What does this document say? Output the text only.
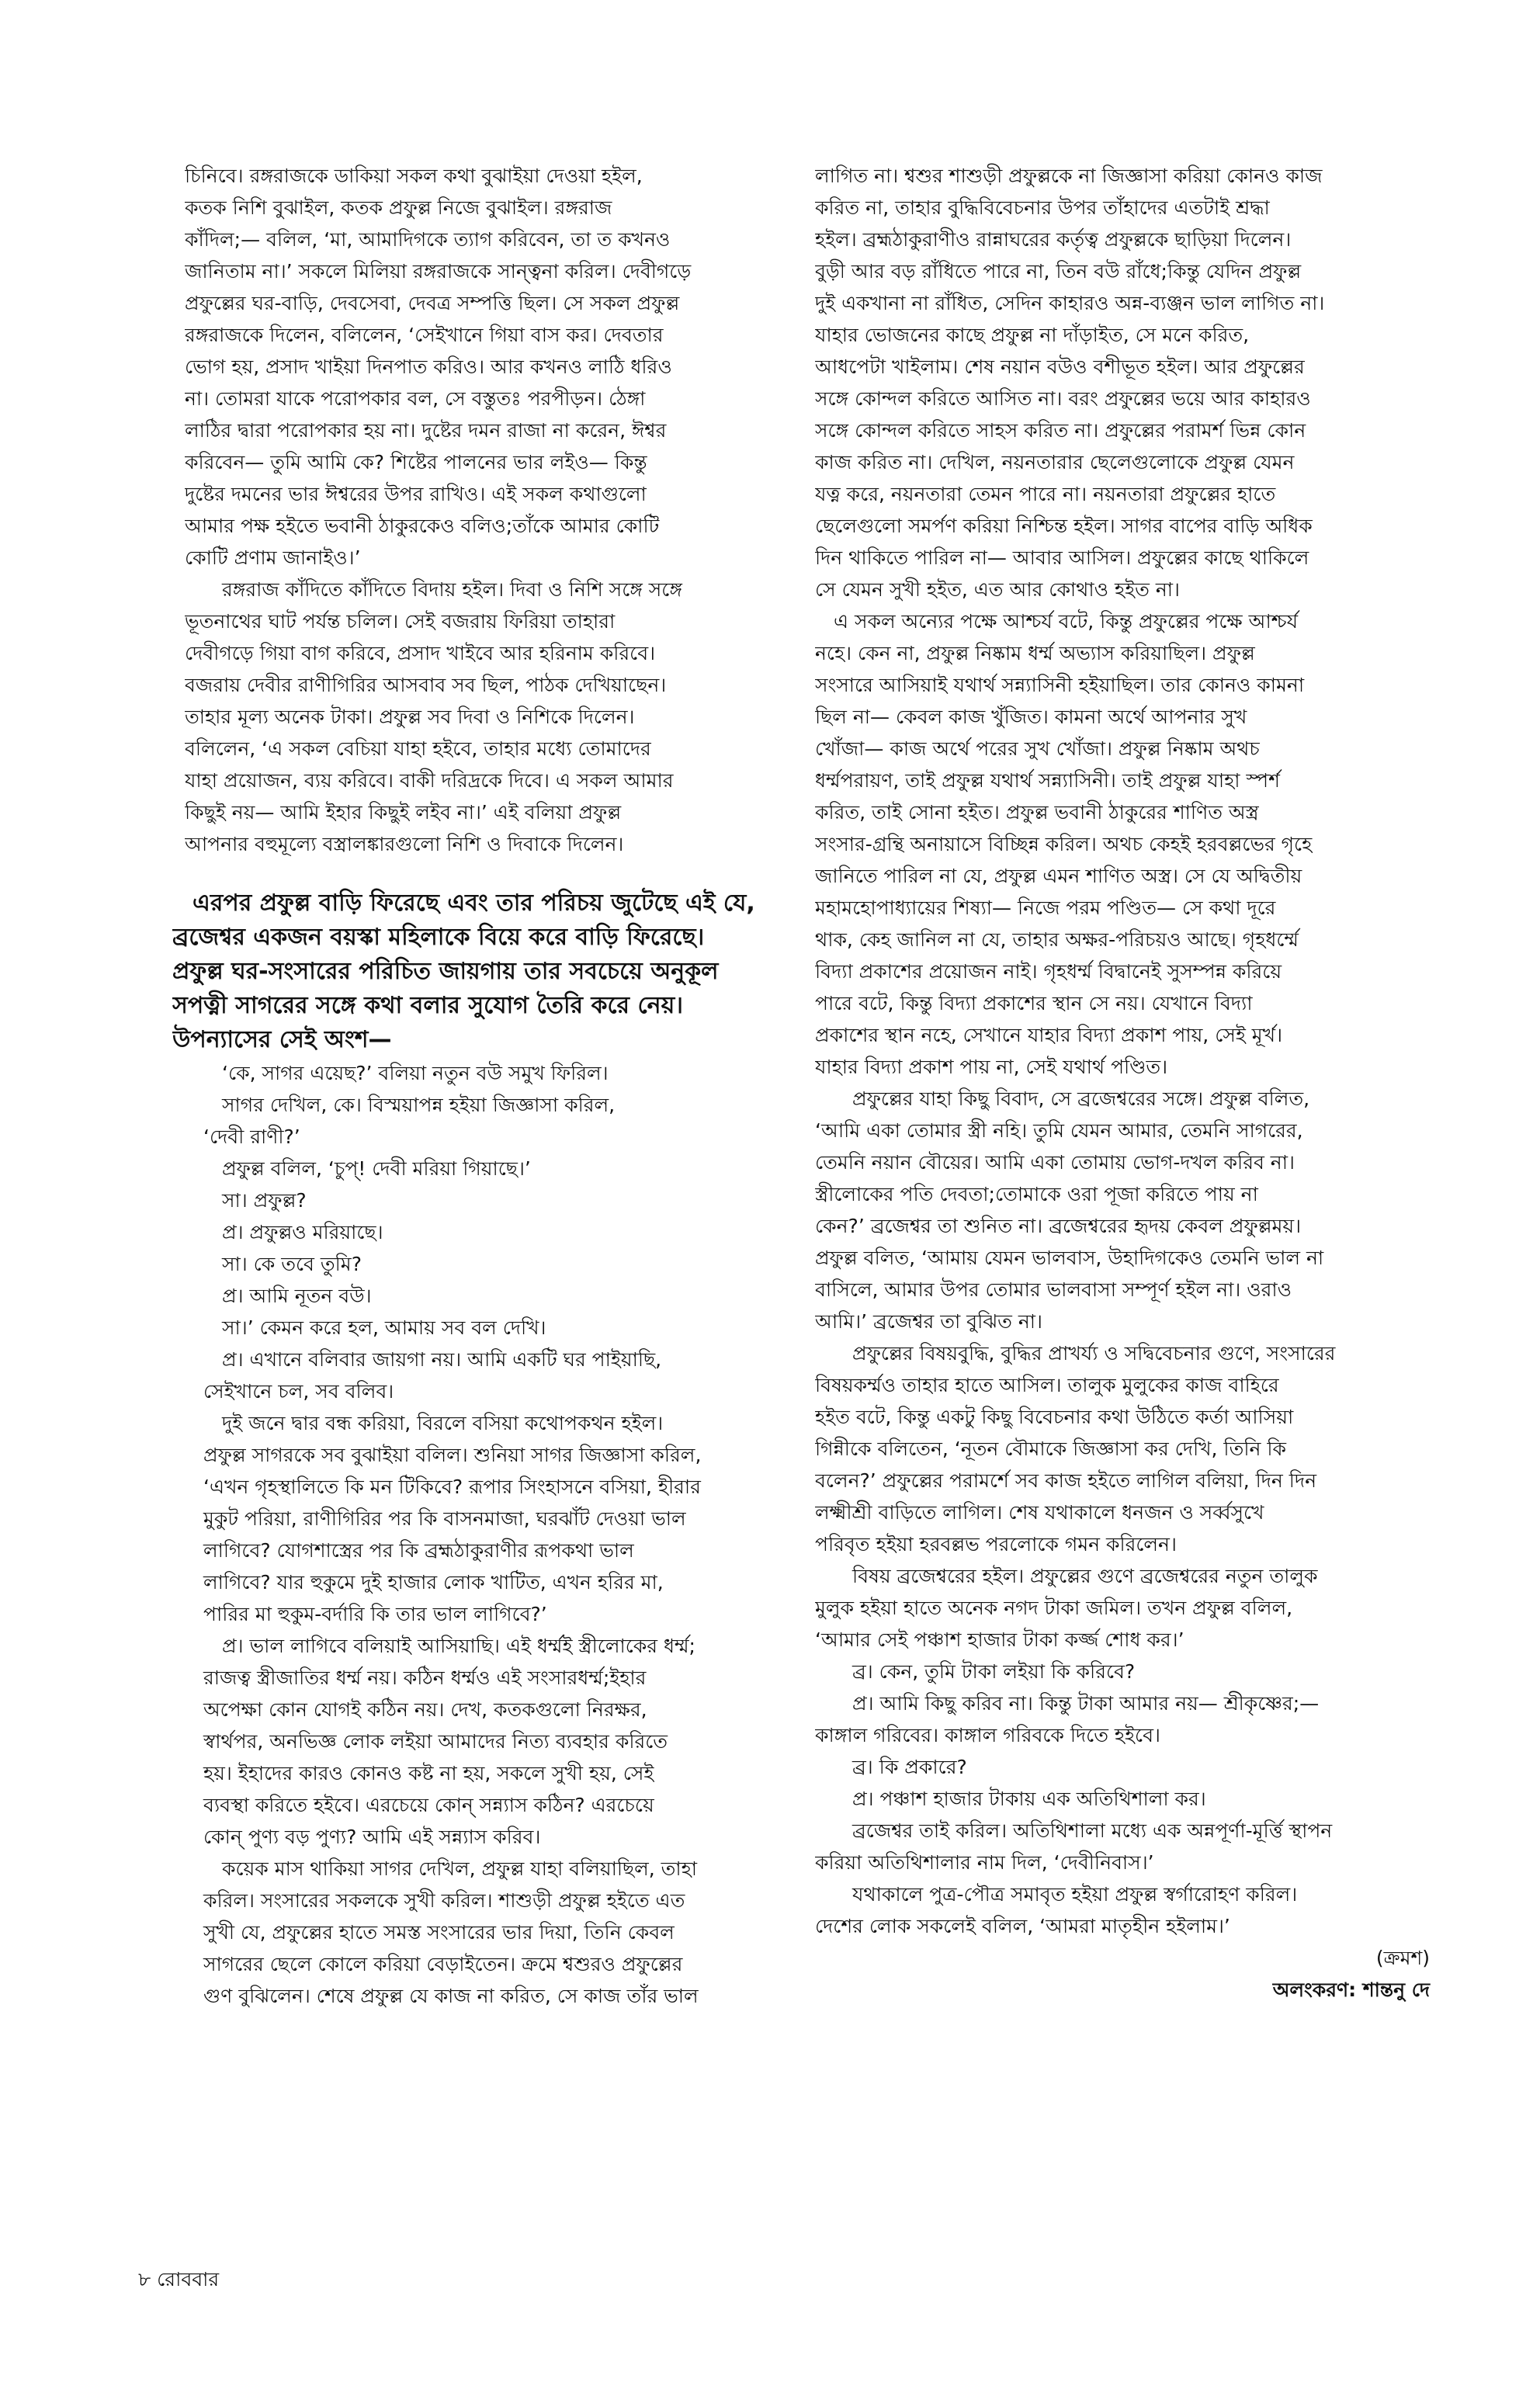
চিনিবে। রঙ্গরাজকে ডাকিয়া সকল কথা বুঝাইয়া দেওয়া হইল,
কতক নিশি বুঝাইল, কতক প্রফুল্ল নিজে বুঝাইল। রঙ্গরাজ
কাঁদিল;— বলিল, ‘মা, আমাদিগকে ত্যাগ করিবেন, তা ত কখনও
জানিতাম না।’ সকলে মিলিয়া রঙ্গরাজকে সান্ত্বনা করিল। দেবীগড়ে
প্রফুল্লের ঘর-বাড়ি, দেবসেবা, দেবত্র সম্পত্তি ছিল। সে সকল প্রফুল্ল
রঙ্গরাজকে দিলেন, বলিলেন, ‘সেইখানে গিয়া বাস কর। দেবতার
ভোগ হয়, প্রসাদ খাইয়া দিনপাত করিও। আর কখনও লাঠি ধরিও
না। তোমরা যাকে পরোপকার বল, সে বস্তুতঃ পরপীড়ন। ঠেঙ্গা
লাঠির দ্বারা পরোপকার হয় না। দুষ্টের দমন রাজা না করেন, ঈশ্বর
করিবেন— তুমি আমি কে? শিষ্টের পালনের ভার লইও— কিন্তু
দুষ্টের দমনের ভার ঈশ্বরের উপর রাখিও। এই সকল কথাগুলো
আমার পক্ষ হইতে ভবানী ঠাকুরকেও বলিও;তাঁকে আমার কোটি
কোটি প্রণাম জানাইও।’
রঙ্গরাজ কাঁদিতে কাঁদিতে বিদায় হইল। দিবা ও নিশি সঙ্গে সঙ্গে
ভূতনাথের ঘাট পর্যন্ত চলিল। সেই বজরায় ফিরিয়া তাহারা
দেবীগড়ে গিয়া বাগ করিবে, প্রসাদ খাইবে আর হরিনাম করিবে।
বজরায় দেবীর রাণীগিরির আসবাব সব ছিল, পাঠক দেখিয়াছেন।
তাহার মূল্য অনেক টাকা। প্রফুল্ল সব দিবা ও নিশিকে দিলেন।
বলিলেন, ‘এ সকল বেচিয়া যাহা হইবে, তাহার মধ্যে তোমাদের
যাহা প্রয়োজন, ব্যয় করিবে। বাকী দরিদ্রকে দিবে। এ সকল আমার
কিছুই নয়— আমি ইহার কিছুই লইব না।’ এই বলিয়া প্রফুল্ল
আপনার বহুমূল্যে বস্ত্রালঙ্কারগুলো নিশি ও দিবাকে দিলেন।
এরপর প্রফুল্ল বাড়ি ফিরেছে এবং তার পরিচয় জুটেছে এই যে,
ব্রজেশ্বর একজন বয়স্কা মহিলাকে বিয়ে করে বাড়ি ফিরেছে।
প্রফুল্ল ঘর-সংসারের পরিচিত জায়গায় তার সবচেয়ে অনুকূল
সপত্নী সাগরের সঙ্গে কথা বলার সুযোগ তৈরি করে নেয়।
উপন্যাসের সেই অংশ—
‘কে, সাগর এয়েছ?’ বলিয়া নতুন বউ সমুখ ফিরিল।
সাগর দেখিল, কে। বিস্ময়াপন্ন হইয়া জিজ্ঞাসা করিল,
‘দেবী রাণী?’
প্রফুল্ল বলিল, ‘চুপ্! দেবী মরিয়া গিয়াছে।’
সা। প্রফুল্ল?
প্র। প্রফুল্লও মরিয়াছে।
সা। কে তবে তুমি?
প্র। আমি নূতন বউ।
সা।’ কেমন করে হল, আমায় সব বল দেখি।
প্র। এখানে বলিবার জায়গা নয়। আমি একটি ঘর পাইয়াছি,
সেইখানে চল, সব বলিব।
দুই জনে দ্বার বন্ধ করিয়া, বিরলে বসিয়া কথোপকথন হইল।
প্রফুল্ল সাগরকে সব বুঝাইয়া বলিল। শুনিয়া সাগর জিজ্ঞাসা করিল,
‘এখন গৃহস্থালিতে কি মন টিকিবে? রূপার সিংহাসনে বসিয়া, হীরার
মুকুট পরিয়া, রাণীগিরির পর কি বাসনমাজা, ঘরঝাঁট দেওয়া ভাল
লাগিবে? যোগশাস্ত্রের পর কি ব্রহ্মঠাকুরাণীর রূপকথা ভাল
লাগিবে? যার হুকুমে দুই হাজার লোক খাটিত, এখন হরির মা,
পারির মা হুকুম-বর্দারি কি তার ভাল লাগিবে?’
প্র। ভাল লাগিবে বলিয়াই আসিয়াছি। এই ধর্ম্মই স্ত্রীলোকের ধর্ম্ম;
রাজত্ব স্ত্রীজাতির ধর্ম্ম নয়। কঠিন ধর্ম্মও এই সংসারধর্ম্ম;ইহার
অপেক্ষা কোন যোগই কঠিন নয়। দেখ, কতকগুলো নিরক্ষর,
স্বার্থপর, অনভিজ্ঞ লোক লইয়া আমাদের নিত্য ব্যবহার করিতে
হয়। ইহাদের কারও কোনও কষ্ট না হয়, সকলে সুখী হয়, সেই
ব্যবস্থা করিতে হইবে। এরচেয়ে কোন্ সন্ন্যাস কঠিন? এরচেয়ে
কোন্ পুণ্য বড় পুণ্য? আমি এই সন্ন্যাস করিব।
কয়েক মাস থাকিয়া সাগর দেখিল, প্রফুল্ল যাহা বলিয়াছিল, তাহা
করিল। সংসারের সকলকে সুখী করিল। শাশুড়ী প্রফুল্ল হইতে এত
সুখী যে, প্রফুল্লের হাতে সমস্ত সংসারের ভার দিয়া, তিনি কেবল
সাগরের ছেলে কোলে করিয়া বেড়াইতেন। ক্রমে শ্বশুরও প্রফুল্লের
গুণ বুঝিলেন। শেষে প্রফুল্ল যে কাজ না করিত, সে কাজ তাঁর ভাল
লাগিত না। শ্বশুর শাশুড়ী প্রফুল্লকে না জিজ্ঞাসা করিয়া কোনও কাজ
করিত না, তাহার বুদ্ধিবিবেচনার উপর তাঁহাদের এতটাই শ্রদ্ধা
হইল। ব্রহ্মঠাকুরাণীও রান্নাঘরের কর্তৃত্ব প্রফুল্লকে ছাড়িয়া দিলেন।
বুড়ী আর বড় রাঁধিতে পারে না, তিন বউ রাঁধে;কিন্তু যেদিন প্রফুল্ল
দুই একখানা না রাঁধিত, সেদিন কাহারও অন্ন-ব্যঞ্জন ভাল লাগিত না।
যাহার ভোজনের কাছে প্রফুল্ল না দাঁড়াইত, সে মনে করিত,
আধপেটা খাইলাম। শেষ নয়ান বউও বশীভূত হইল। আর প্রফুল্লের
সঙ্গে কোন্দল করিতে আসিত না। বরং প্রফুল্লের ভয়ে আর কাহারও
সঙ্গে কোন্দল করিতে সাহস করিত না। প্রফুল্লের পরামর্শ ভিন্ন কোন
কাজ করিত না। দেখিল, নয়নতারার ছেলেগুলোকে প্রফুল্ল যেমন
যত্ন করে, নয়নতারা তেমন পারে না। নয়নতারা প্রফুল্লের হাতে
ছেলেগুলো সমর্পণ করিয়া নিশ্চিন্ত হইল। সাগর বাপের বাড়ি অধিক
দিন থাকিতে পারিল না— আবার আসিল। প্রফুল্লের কাছে থাকিলে
সে যেমন সুখী হইত, এত আর কোথাও হইত না।
এ সকল অন্যের পক্ষে আশ্চর্য বটে, কিন্তু প্রফুল্লের পক্ষে আশ্চর্য
নহে। কেন না, প্রফুল্ল নিষ্কাম ধর্ম্ম অভ্যাস করিয়াছিল। প্রফুল্ল
সংসারে আসিয়াই যথার্থ সন্ন্যাসিনী হইয়াছিল। তার কোনও কামনা
ছিল না— কেবল কাজ খুঁজিত। কামনা অর্থে আপনার সুখ
খোঁজা— কাজ অর্থে পরের সুখ খোঁজা। প্রফুল্ল নিষ্কাম অথচ
ধর্ম্মপরায়ণ, তাই প্রফুল্ল যথার্থ সন্ন্যাসিনী। তাই প্রফুল্ল যাহা স্পর্শ
করিত, তাই সোনা হইত। প্রফুল্ল ভবানী ঠাকুরের শাণিত অস্ত্র
সংসার-গ্রন্থি অনায়াসে বিচ্ছিন্ন করিল। অথচ কেহই হরবল্লভের গৃহে
জানিতে পারিল না যে, প্রফুল্ল এমন শাণিত অস্ত্র। সে যে অদ্বিতীয়
মহামহোপাধ্যায়ের শিষ্যা— নিজে পরম পণ্ডিত— সে কথা দূরে
থাক, কেহ জানিল না যে, তাহার অক্ষর-পরিচয়ও আছে। গৃহধর্ম্মে
বিদ্যা প্রকাশের প্রয়োজন নাই। গৃহধর্ম্ম বিদ্বানেই সুসম্পন্ন করিয়ে
পারে বটে, কিন্তু বিদ্যা প্রকাশের স্থান সে নয়। যেখানে বিদ্যা
প্রকাশের স্থান নহে, সেখানে যাহার বিদ্যা প্রকাশ পায়, সেই মূর্খ।
যাহার বিদ্যা প্রকাশ পায় না, সেই যথার্থ পণ্ডিত।
প্রফুল্লের যাহা কিছু বিবাদ, সে ব্রজেশ্বরের সঙ্গে। প্রফুল্ল বলিত,
‘আমি একা তোমার স্ত্রী নহি। তুমি যেমন আমার, তেমনি সাগরের,
তেমনি নয়ান বৌয়ের। আমি একা তোমায় ভোগ-দখল করিব না।
স্ত্রীলোকের পতি দেবতা;তোমাকে ওরা পূজা করিতে পায় না
কেন?’ ব্রজেশ্বর তা শুনিত না। ব্রজেশ্বরের হৃদয় কেবল প্রফুল্লময়।
প্রফুল্ল বলিত, ‘আমায় যেমন ভালবাস, উহাদিগকেও তেমনি ভাল না
বাসিলে, আমার উপর তোমার ভালবাসা সম্পূর্ণ হইল না। ওরাও
আমি।’ ব্রজেশ্বর তা বুঝিত না।
প্রফুল্লের বিষয়বুদ্ধি, বুদ্ধির প্রাখর্য্য ও সদ্বিবেচনার গুণে, সংসারের
বিষয়কর্ম্মও তাহার হাতে আসিল। তালুক মুলুকের কাজ বাহিরে
হইত বটে, কিন্তু একটু কিছু বিবেচনার কথা উঠিতে কর্তা আসিয়া
গিন্নীকে বলিতেন, ‘নূতন বৌমাকে জিজ্ঞাসা কর দেখি, তিনি কি
বলেন?’ প্রফুল্লের পরামর্শে সব কাজ হইতে লাগিল বলিয়া, দিন দিন
লক্ষ্মীশ্রী বাড়িতে লাগিল। শেষ যথাকালে ধনজন ও সর্ব্বসুখে
পরিবৃত হইয়া হরবল্লভ পরলোকে গমন করিলেন।
বিষয় ব্রজেশ্বরের হইল। প্রফুল্লের গুণে ব্রজেশ্বরের নতুন তালুক
মুলুক হইয়া হাতে অনেক নগদ টাকা জমিল। তখন প্রফুল্ল বলিল,
‘আমার সেই পঞ্চাশ হাজার টাকা কর্জ্জ শোধ কর।’
ব্র। কেন, তুমি টাকা লইয়া কি করিবে?
প্র। আমি কিছু করিব না। কিন্তু টাকা আমার নয়— শ্রীকৃষ্ণের;—
কাঙ্গাল গরিবের। কাঙ্গাল গরিবকে দিতে হইবে।
ব্র। কি প্রকারে?
প্র। পঞ্চাশ হাজার টাকায় এক অতিথিশালা কর।
ব্রজেশ্বর তাই করিল। অতিথিশালা মধ্যে এক অন্নপূর্ণা-মূর্ত্তি স্থাপন
করিয়া অতিথিশালার নাম দিল, ‘দেবীনিবাস।’
যথাকালে পুত্র-পৌত্র সমাবৃত হইয়া প্রফুল্ল স্বর্গারোহণ করিল।
দেশের লোক সকলেই বলিল, ‘আমরা মাতৃহীন হইলাম।’
(ক্রমশ)
অলংকরণ: শান্তনু দে
৮ রোববার
